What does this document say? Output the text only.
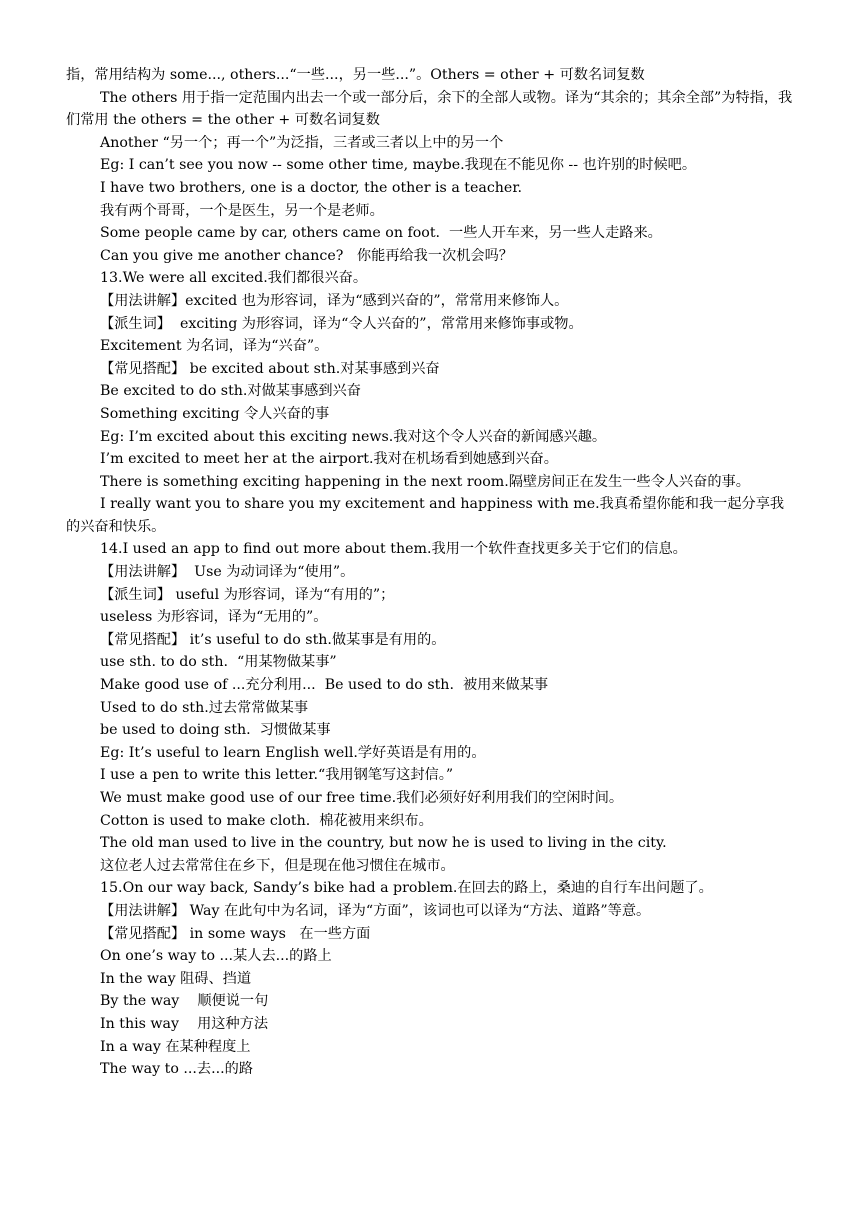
指，常用结构为 some..., others...“一些...，另一些...”。Others = other + 可数名词复数
The others 用于指一定范围内出去一个或一部分后，余下的全部人或物。译为“其余的；其余全部”为特指，我们常用 the others = the other + 可数名词复数
Another “另一个；再一个”为泛指，三者或三者以上中的另一个
Eg: I can’t see you now -- some other time, maybe.我现在不能见你 -- 也许别的时候吧。
I have two brothers, one is a doctor, the other is a teacher.
我有两个哥哥，一个是医生，另一个是老师。
Some people came by car, others came on foot.  一些人开车来，另一些人走路来。
Can you give me another chance?   你能再给我一次机会吗？
13.We were all excited.我们都很兴奋。
【用法讲解】excited 也为形容词，译为“感到兴奋的”，常常用来修饰人。
【派生词】  exciting 为形容词，译为“令人兴奋的”，常常用来修饰事或物。
Excitement 为名词，译为“兴奋”。
【常见搭配】 be excited about sth.对某事感到兴奋
Be excited to do sth.对做某事感到兴奋
Something exciting 令人兴奋的事
Eg: I’m excited about this exciting news.我对这个令人兴奋的新闻感兴趣。
I’m excited to meet her at the airport.我对在机场看到她感到兴奋。
There is something exciting happening in the next room.隔壁房间正在发生一些令人兴奋的事。
I really want you to share you my excitement and happiness with me.我真希望你能和我一起分享我的兴奋和快乐。
14.I used an app to find out more about them.我用一个软件查找更多关于它们的信息。
【用法讲解】  Use 为动词译为“使用”。
【派生词】 useful 为形容词，译为“有用的”；
useless 为形容词，译为“无用的”。
【常见搭配】 it’s useful to do sth.做某事是有用的。
use sth. to do sth.  “用某物做某事”
Make good use of ...充分利用...  Be used to do sth.  被用来做某事
Used to do sth.过去常常做某事
be used to doing sth.  习惯做某事
Eg: It’s useful to learn English well.学好英语是有用的。
I use a pen to write this letter.“我用钢笔写这封信。”
We must make good use of our free time.我们必须好好利用我们的空闲时间。
Cotton is used to make cloth.  棉花被用来织布。
The old man used to live in the country, but now he is used to living in the city.
这位老人过去常常住在乡下，但是现在他习惯住在城市。
15.On our way back, Sandy’s bike had a problem.在回去的路上，桑迪的自行车出问题了。
【用法讲解】 Way 在此句中为名词，译为“方面”，该词也可以译为“方法、道路”等意。
【常见搭配】 in some ways   在一些方面
On one’s way to ...某人去...的路上
In the way 阻碍、挡道
By the way    顺便说一句
In this way    用这种方法
In a way 在某种程度上
The way to ...去...的路
